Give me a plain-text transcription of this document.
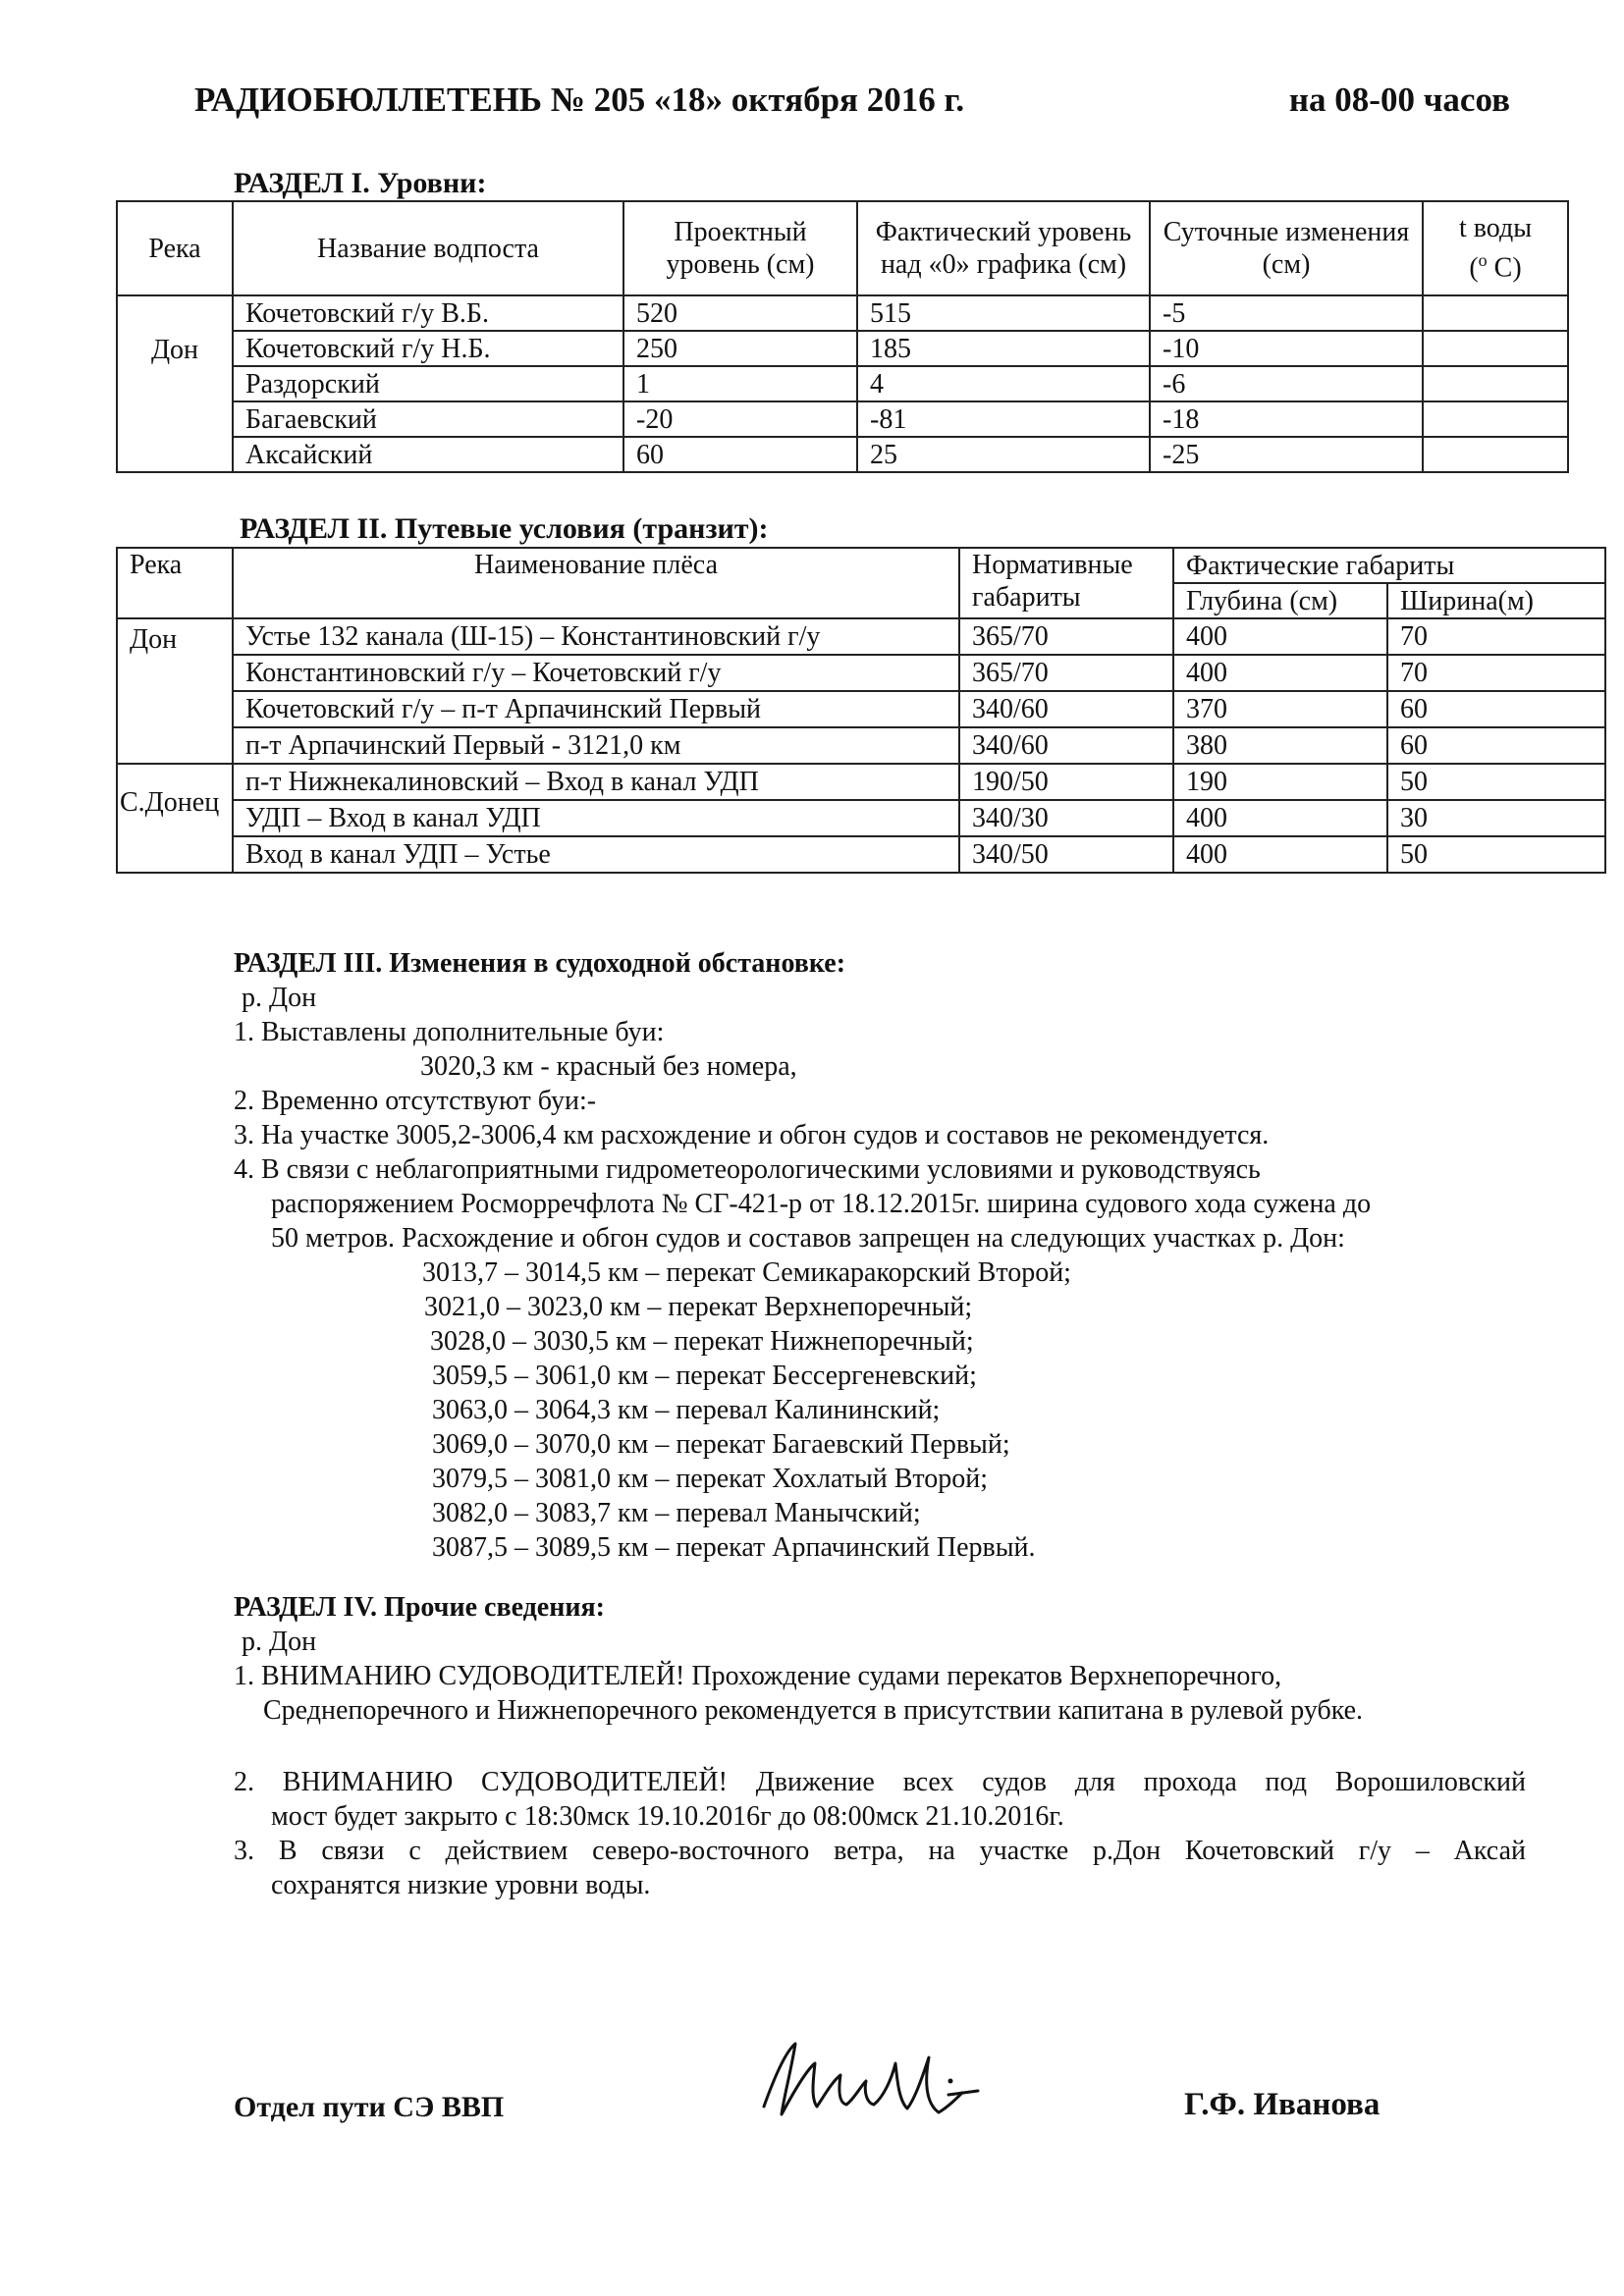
РАДИОБЮЛЛЕТЕНЬ № 205 «18» октября 2016 г.	на 08-00 часов
РАЗДЕЛ I. Уровни:
Река	Название водпоста	Проектный уровень (см)	Фактический уровень над «0» графика (см)	Суточные изменения (см)	t воды
($^o$ С)

Дон	Кочетовский г/у В.Б.	520	515	-5	
	Кочетовский г/у Н.Б.	250	185	-10	
	Раздорский	1	4	-6	
	Багаевский	-20	-81	-18	
	Аксайский	60	25	-25	
РАЗДЕЛ II. Путевые условия (транзит):
Река	Наименование плёса	Нормативные габариты	Фактические габариты	
			Глубина (см)	Ширина(м)
Дон	Устье 132 канала (Ш-15) – Константиновский г/у	365/70	400	70
	Константиновский г/у – Кочетовский г/у	365/70	400	70
	Кочетовский г/у – п-т Арпачинский Первый	340/60	370	60
	п-т Арпачинский Первый - 3121,0 км	340/60	380	60
С.Донец	п-т Нижнекалиновский – Вход в канал УДП	190/50	190	50
	УДП – Вход в канал УДП	340/30	400	30
	Вход в канал УДП – Устье	340/50	400	50
РАЗДЕЛ III. Изменения в судоходной обстановке:
р. Дон
1. Выставлены дополнительные буи:
3020,3 км - красный без номера,
2. Временно отсутствуют буи:-
3. На участке 3005,2-3006,4 км расхождение и обгон судов и составов не рекомендуется.
4. В связи с неблагоприятными гидрометеорологическими условиями и руководствуясь
распоряжением Росморречфлота № СГ-421-р от 18.12.2015г. ширина судового хода сужена до
50 метров. Расхождение и обгон судов и составов запрещен на следующих участках р. Дон:
3013,7 – 3014,5 км – перекат Семикаракорский Второй;
3021,0 – 3023,0 км – перекат Верхнепоречный;
3028,0 – 3030,5 км – перекат Нижнепоречный;
3059,5 – 3061,0 км – перекат Бессергеневский;
3063,0 – 3064,3 км – перевал Калининский;
3069,0 – 3070,0 км – перекат Багаевский Первый;
3079,5 – 3081,0 км – перекат Хохлатый Второй;
3082,0 – 3083,7 км – перевал Манычский;
3087,5 – 3089,5 км – перекат Арпачинский Первый.
РАЗДЕЛ IV. Прочие сведения:
р. Дон
1. ВНИМАНИЮ СУДОВОДИТЕЛЕЙ! Прохождение судами перекатов Верхнепоречного,
Среднепоречного и Нижнепоречного рекомендуется в присутствии капитана в рулевой рубке.
2. ВНИМАНИЮ СУДОВОДИТЕЛЕЙ! Движение всех судов для прохода под Ворошиловский
мост будет закрыто с 18:30мск 19.10.2016г до 08:00мск 21.10.2016г.
3. В связи с действием северо-восточного ветра, на участке р.Дон Кочетовский г/у – Аксай
сохранятся низкие уровни воды.
Отдел пути СЭ ВВП	Г.Ф. Иванова
